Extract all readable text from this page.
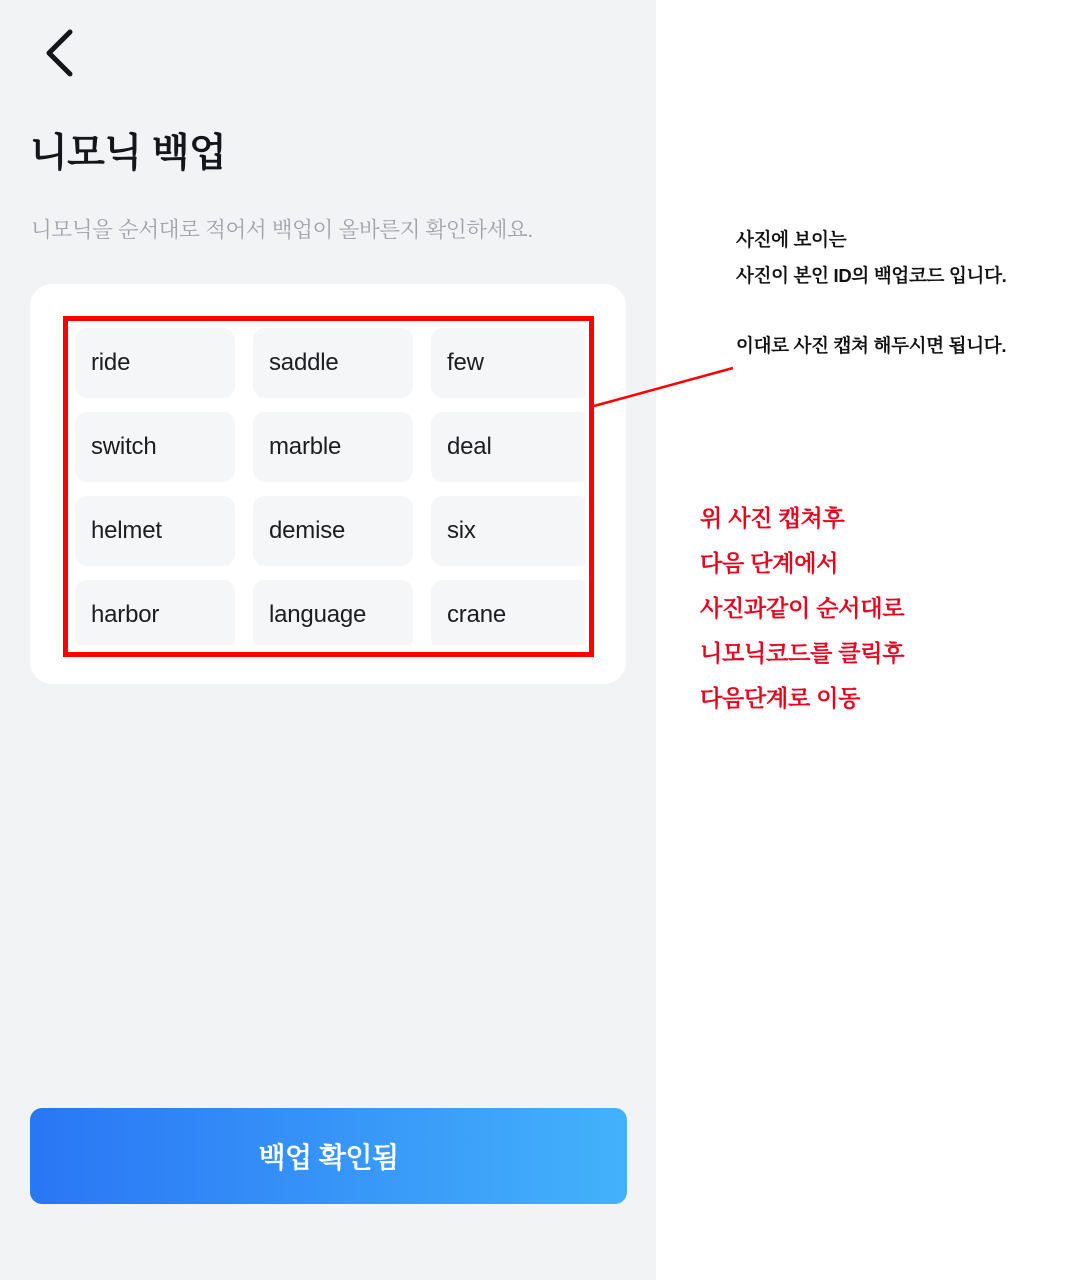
니모닉 백업
니모닉을 순서대로 적어서 백업이 올바른지 확인하세요.
ride	saddle	few
switch	marble	deal
helmet	demise	six
harbor	language	crane
백업 확인됨
사진에 보이는
사진이 본인 ID의 백업코드 입니다.
이대로 사진 캡쳐 해두시면 됩니다.
위 사진 캡쳐후
다음 단계에서
사진과같이 순서대로
니모닉코드를 클릭후
다음단계로 이동
